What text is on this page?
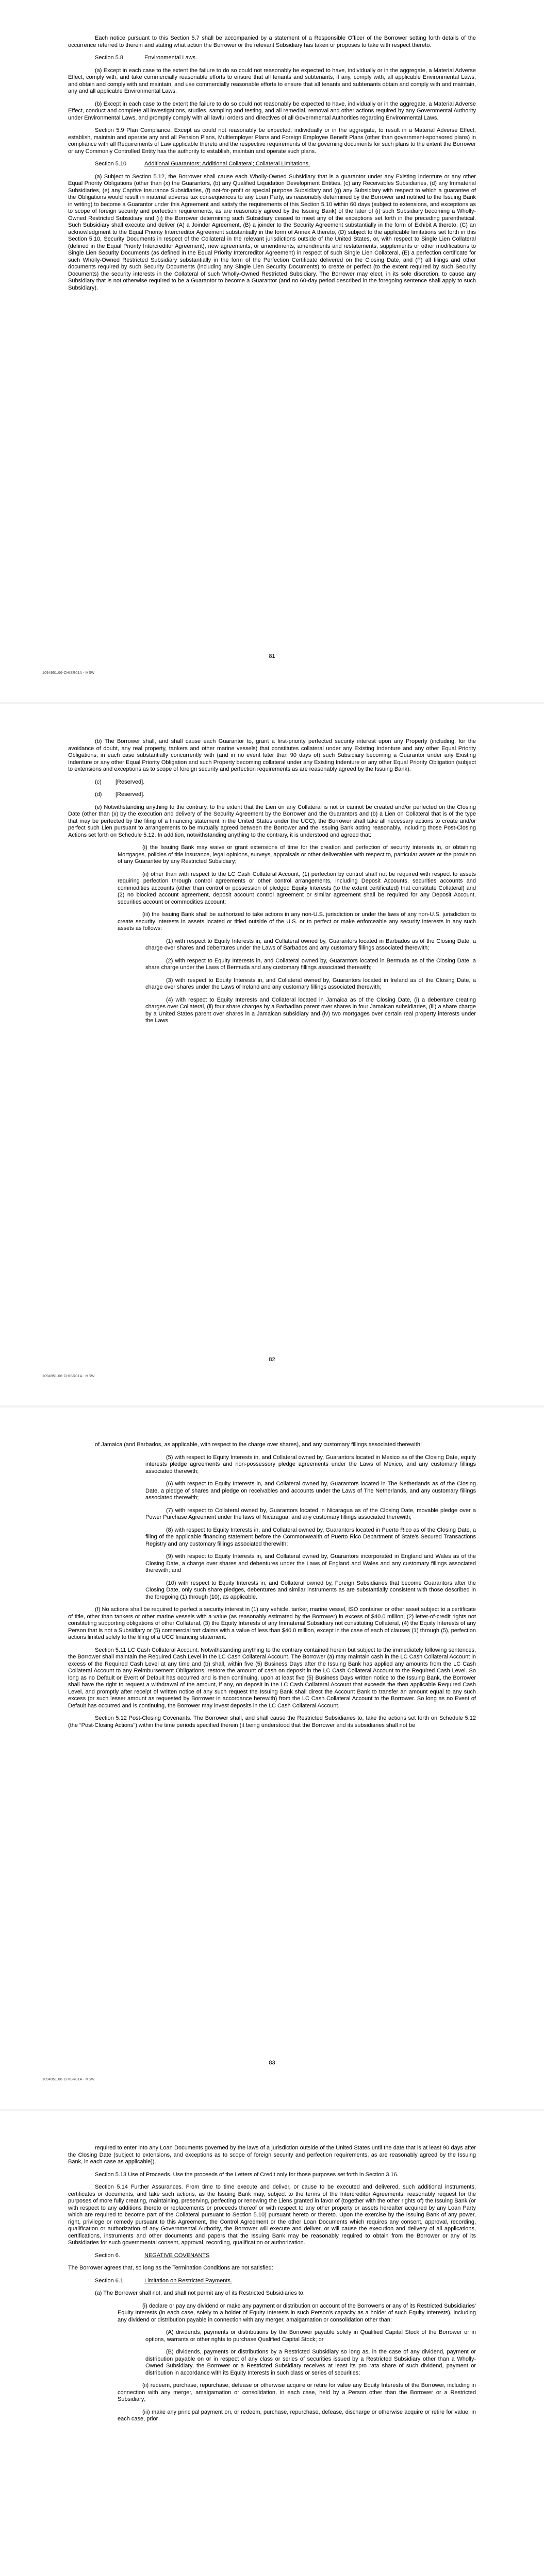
Each notice pursuant to this Section 5.7 shall be accompanied by a statement of a Responsible Officer of the Borrower setting forth details of the occurrence referred to therein and stating what action the Borrower or the relevant Subsidiary has taken or proposes to take with respect thereto.

Section 5.8	Environmental Laws.

(a) Except in each case to the extent the failure to do so could not reasonably be expected to have, individually or in the aggregate, a Material Adverse Effect, comply with, and take commercially reasonable efforts to ensure that all tenants and subtenants, if any, comply with, all applicable Environmental Laws, and obtain and comply with and maintain, and use commercially reasonable efforts to ensure that all tenants and subtenants obtain and comply with and maintain, any and all applicable Environmental Laws.

(b) Except in each case to the extent the failure to do so could not reasonably be expected to have, individually or in the aggregate, a Material Adverse Effect, conduct and complete all investigations, studies, sampling and testing, and all remedial, removal and other actions required by any Governmental Authority under Environmental Laws, and promptly comply with all lawful orders and directives of all Governmental Authorities regarding Environmental Laws.

Section 5.9 Plan Compliance. Except as could not reasonably be expected, individually or in the aggregate, to result in a Material Adverse Effect, establish, maintain and operate any and all Pension Plans, Multiemployer Plans and Foreign Employee Benefit Plans (other than government-sponsored plans) in compliance with all Requirements of Law applicable thereto and the respective requirements of the governing documents for such plans to the extent the Borrower or any Commonly Controlled Entity has the authority to establish, maintain and operate such plans.

Section 5.10	Additional Guarantors; Additional Collateral; Collateral Limitations.

(a) Subject to Section 5.12, the Borrower shall cause each Wholly-Owned Subsidiary that is a guarantor under any Existing Indenture or any other Equal Priority Obligations (other than (x) the Guarantors, (b) any Qualified Liquidation Development Entities, (c) any Receivables Subsidiaries, (d) any Immaterial Subsidiaries, (e) any Captive Insurance Subsidiaries, (f) not-for-profit or special purpose Subsidiary and (g) any Subsidiary with respect to which a guarantee of the Obligations would result in material adverse tax consequences to any Loan Party, as reasonably determined by the Borrower and notified to the Issuing Bank in writing) to become a Guarantor under this Agreement and satisfy the requirements of this Section 5.10 within 60 days (subject to extensions, and exceptions as to scope of foreign security and perfection requirements, as are reasonably agreed by the Issuing Bank) of the later of (i) such Subsidiary becoming a Wholly-Owned Restricted Subsidiary and (ii) the Borrower determining such Subsidiary ceased to meet any of the exceptions set forth in the preceding parenthetical. Such Subsidiary shall execute and deliver (A) a Joinder Agreement, (B) a joinder to the Security Agreement substantially in the form of Exhibit A thereto, (C) an acknowledgment to the Equal Priority Intercreditor Agreement substantially in the form of Annex A thereto, (D) subject to the applicable limitations set forth in this Section 5.10, Security Documents in respect of the Collateral in the relevant jurisdictions outside of the United States, or, with respect to Single Lien Collateral (defined in the Equal Priority Intercreditor Agreement), new agreements, or amendments, amendments and restatements, supplements or other modifications to Single Lien Security Documents (as defined in the Equal Priority Intercreditor Agreement) in respect of such Single Lien Collateral, (E) a perfection certificate for such Wholly-Owned Restricted Subsidiary substantially in the form of the Perfection Certificate delivered on the Closing Date, and (F) all filings and other documents required by such Security Documents (including any Single Lien Security Documents) to create or perfect (to the extent required by such Security Documents) the security interests in the Collateral of such Wholly-Owned Restricted Subsidiary. The Borrower may elect, in its sole discretion, to cause any Subsidiary that is not otherwise required to be a Guarantor to become a Guarantor (and no 60-day period described in the foregoing sentence shall apply to such Subsidiary).

(b) The Borrower shall, and shall cause each Guarantor to, grant a first-priority perfected security interest upon any Property (including, for the avoidance of doubt, any real property, tankers and other marine vessels) that constitutes collateral under any Existing Indenture and any other Equal Priority Obligations, in each case substantially concurrently with (and in no event later than 90 days of) such Subsidiary becoming a Guarantor under any Existing Indenture or any other Equal Priority Obligation and such Property becoming collateral under any Existing Indenture or any other Equal Priority Obligation (subject to extensions and exceptions as to scope of foreign security and perfection requirements as are reasonably agreed by the Issuing Bank).

(c) [Reserved].

(d) [Reserved].

(e) Notwithstanding anything to the contrary, to the extent that the Lien on any Collateral is not or cannot be created and/or perfected on the Closing Date (other than (x) by the execution and delivery of the Security Agreement by the Borrower and the Guarantors and (b) a Lien on Collateral that is of the type that may be perfected by the filing of a financing statement in the United States under the UCC), the Borrower shall take all necessary actions to create and/or perfect such Lien pursuant to arrangements to be mutually agreed between the Borrower and the Issuing Bank acting reasonably, including those Post-Closing Actions set forth on Schedule 5.12. In addition, notwithstanding anything to the contrary, it is understood and agreed that:

(i) the Issuing Bank may waive or grant extensions of time for the creation and perfection of security interests in, or obtaining Mortgages, policies of title insurance, legal opinions, surveys, appraisals or other deliverables with respect to, particular assets or the provision of any Guarantee by any Restricted Subsidiary;

(ii) other than with respect to the LC Cash Collateral Account, (1) perfection by control shall not be required with respect to assets requiring perfection through control agreements or other control arrangements, including Deposit Accounts, securities accounts and commodities accounts (other than control or possession of pledged Equity Interests (to the extent certificated) that constitute Collateral) and (2) no blocked account agreement, deposit account control agreement or similar agreement shall be required for any Deposit Account, securities account or commodities account;

(iii) the Issuing Bank shall be authorized to take actions in any non-U.S. jurisdiction or under the laws of any non-U.S. jurisdiction to create security interests in assets located or titled outside of the U.S. or to perfect or make enforceable any security interests in any such assets as follows:

(1) with respect to Equity Interests in, and Collateral owned by, Guarantors located in Barbados as of the Closing Date, a charge over shares and debentures under the Laws of Barbados and any customary fillings associated therewith;

(2) with respect to Equity Interests in, and Collateral owned by, Guarantors located in Bermuda as of the Closing Date, a share charge under the Laws of Bermuda and any customary fillings associated therewith;

(3) with respect to Equity Interests in, and Collateral owned by, Guarantors located in Ireland as of the Closing Date, a charge over shares under the Laws of Ireland and any customary fillings associated therewith;

(4) with respect to Equity Interests and Collateral located in Jamaica as of the Closing Date, (i) a debenture creating charges over Collateral, (ii) four share charges by a Barbadian parent over shares in four Jamaican subsidiaries, (iii) a share charge by a United States parent over shares in a Jamaican subsidiary and (iv) two mortgages over certain real property interests under the Laws

of Jamaica (and Barbados, as applicable, with respect to the charge over shares), and any customary fillings associated therewith;

(5) with respect to Equity Interests in, and Collateral owned by, Guarantors located in Mexico as of the Closing Date, equity interests pledge agreements and non-possessory pledge agreements under the Laws of Mexico, and any customary fillings associated therewith;

(6) with respect to Equity Interests in, and Collateral owned by, Guarantors located in The Netherlands as of the Closing Date, a pledge of shares and pledge on receivables and accounts under the Laws of The Netherlands, and any customary fillings associated therewith;

(7) with respect to Collateral owned by, Guarantors located in Nicaragua as of the Closing Date, movable pledge over a Power Purchase Agreement under the laws of Nicaragua, and any customary fillings associated therewith;

(8) with respect to Equity Interests in, and Collateral owned by, Guarantors located in Puerto Rico as of the Closing Date, a filing of the applicable financing statement before the Commonwealth of Puerto Rico Department of State's Secured Transactions Registry and any customary fillings associated therewith;

(9) with respect to Equity Interests in, and Collateral owned by, Guarantors incorporated in England and Wales as of the Closing Date, a charge over shares and debentures under the Laws of England and Wales and any customary fillings associated therewith; and

(10) with respect to Equity Interests in, and Collateral owned by, Foreign Subsidiaries that become Guarantors after the Closing Date, only such share pledges, debentures and similar instruments as are substantially consistent with those described in the foregoing (1) through (10), as applicable.

(f) No actions shall be required to perfect a security interest in (1) any vehicle, tanker, marine vessel, ISO container or other asset subject to a certificate of title, other than tankers or other marine vessels with a value (as reasonably estimated by the Borrower) in excess of $40.0 million, (2) letter-of-credit rights not constituting supporting obligations of other Collateral, (3) the Equity Interests of any Immaterial Subsidiary not constituting Collateral, (4) the Equity Interests of any Person that is not a Subsidiary or (5) commercial tort claims with a value of less than $40.0 million, except in the case of each of clauses (1) through (5), perfection actions limited solely to the filing of a UCC financing statement.

Section 5.11 LC Cash Collateral Account. Notwithstanding anything to the contrary contained herein but subject to the immediately following sentences, the Borrower shall maintain the Required Cash Level in the LC Cash Collateral Account. The Borrower (a) may maintain cash in the LC Cash Collateral Account in excess of the Required Cash Level at any time and (b) shall, within five (5) Business Days after the Issuing Bank has applied any amounts from the LC Cash Collateral Account to any Reimbursement Obligations, restore the amount of cash on deposit in the LC Cash Collateral Account to the Required Cash Level. So long as no Default or Event of Default has occurred and is then continuing, upon at least five (5) Business Days written notice to the Issuing Bank, the Borrower shall have the right to request a withdrawal of the amount, if any, on deposit in the LC Cash Collateral Account that exceeds the then applicable Required Cash Level, and promptly after receipt of written notice of any such request the Issuing Bank shall direct the Account Bank to transfer an amount equal to any such excess (or such lesser amount as requested by Borrower in accordance herewith) from the LC Cash Collateral Account to the Borrower. So long as no Event of Default has occurred and is continuing, the Borrower may invest deposits in the LC Cash Collateral Account.

Section 5.12 Post-Closing Covenants. The Borrower shall, and shall cause the Restricted Subsidiaries to, take the actions set forth on Schedule 5.12 (the “Post-Closing Actions”) within the time periods specified therein (it being understood that the Borrower and its subsidiaries shall not be

required to enter into any Loan Documents governed by the laws of a jurisdiction outside of the United States until the date that is at least 90 days after the Closing Date (subject to extensions, and exceptions as to scope of foreign security and perfection requirements, as are reasonably agreed by the Issuing Bank, in each case as applicable)).

Section 5.13 Use of Proceeds. Use the proceeds of the Letters of Credit only for those purposes set forth in Section 3.16.

Section 5.14 Further Assurances. From time to time execute and deliver, or cause to be executed and delivered, such additional instruments, certificates or documents, and take such actions, as the Issuing Bank may, subject to the terms of the Intercreditor Agreements, reasonably request for the purposes of more fully creating, maintaining, preserving, perfecting or renewing the Liens granted in favor of (together with the other rights of) the Issuing Bank (or with respect to any additions thereto or replacements or proceeds thereof or with respect to any other property or assets hereafter acquired by any Loan Party which are required to become part of the Collateral pursuant to Section 5.10) pursuant hereto or thereto. Upon the exercise by the Issuing Bank of any power, right, privilege or remedy pursuant to this Agreement, the Control Agreement or the other Loan Documents which requires any consent, approval, recording, qualification or authorization of any Governmental Authority, the Borrower will execute and deliver, or will cause the execution and delivery of all applications, certifications, instruments and other documents and papers that the Issuing Bank may be reasonably required to obtain from the Borrower or any of its Subsidiaries for such governmental consent, approval, recording, qualification or authorization.

Section 6.	NEGATIVE COVENANTS

The Borrower agrees that, so long as the Termination Conditions are not satisfied:

Section 6.1	Limitation on Restricted Payments.

(a) The Borrower shall not, and shall not permit any of its Restricted Subsidiaries to:

(i) declare or pay any dividend or make any payment or distribution on account of the Borrower's or any of its Restricted Subsidiaries' Equity Interests (in each case, solely to a holder of Equity Interests in such Person's capacity as a holder of such Equity Interests), including any dividend or distribution payable in connection with any merger, amalgamation or consolidation other than:

(A) dividends, payments or distributions by the Borrower payable solely in Qualified Capital Stock of the Borrower or in options, warrants or other rights to purchase Qualified Capital Stock; or

(B) dividends, payments or distributions by a Restricted Subsidiary so long as, in the case of any dividend, payment or distribution payable on or in respect of any class or series of securities issued by a Restricted Subsidiary other than a Wholly-Owned Subsidiary, the Borrower or a Restricted Subsidiary receives at least its pro rata share of such dividend, payment or distribution in accordance with its Equity Interests in such class or series of securities;

(ii) redeem, purchase, repurchase, defease or otherwise acquire or retire for value any Equity Interests of the Borrower, including in connection with any merger, amalgamation or consolidation, in each case, held by a Person other than the Borrower or a Restricted Subsidiary;

(iii) make any principal payment on, or redeem, purchase, repurchase, defease, discharge or otherwise acquire or retire for value, in each case, prior

81
1094951.06-CHISR01A - MSW
82
1094951.06-CHISR01A - MSW
83
1094951.06-CHISR01A - MSW
